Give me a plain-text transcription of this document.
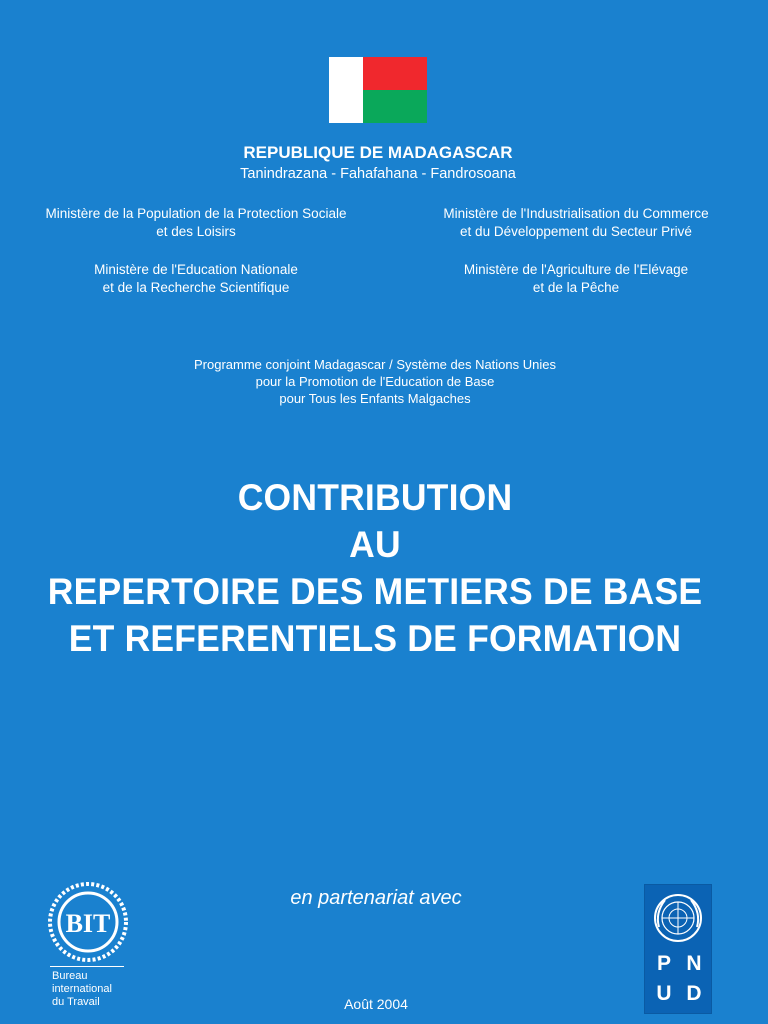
REPUBLIQUE DE MADAGASCAR
Tanindrazana - Fahafahana - Fandrosoana
Ministère de la Population de la Protection Sociale
et des Loisirs
Ministère de l'Industrialisation du Commerce
et du Développement du Secteur Privé
Ministère de l'Education Nationale
et de la Recherche Scientifique
Ministère de l'Agriculture de l'Elévage
et de la Pêche
Programme conjoint Madagascar / Système des Nations Unies
pour la Promotion de l'Education de Base
pour Tous les Enfants Malgaches
CONTRIBUTION
AU
REPERTOIRE DES METIERS DE BASE
ET REFERENTIELS DE FORMATION
en partenariat avec
BIT
Bureau
international
du Travail
P N
U D
Août 2004
